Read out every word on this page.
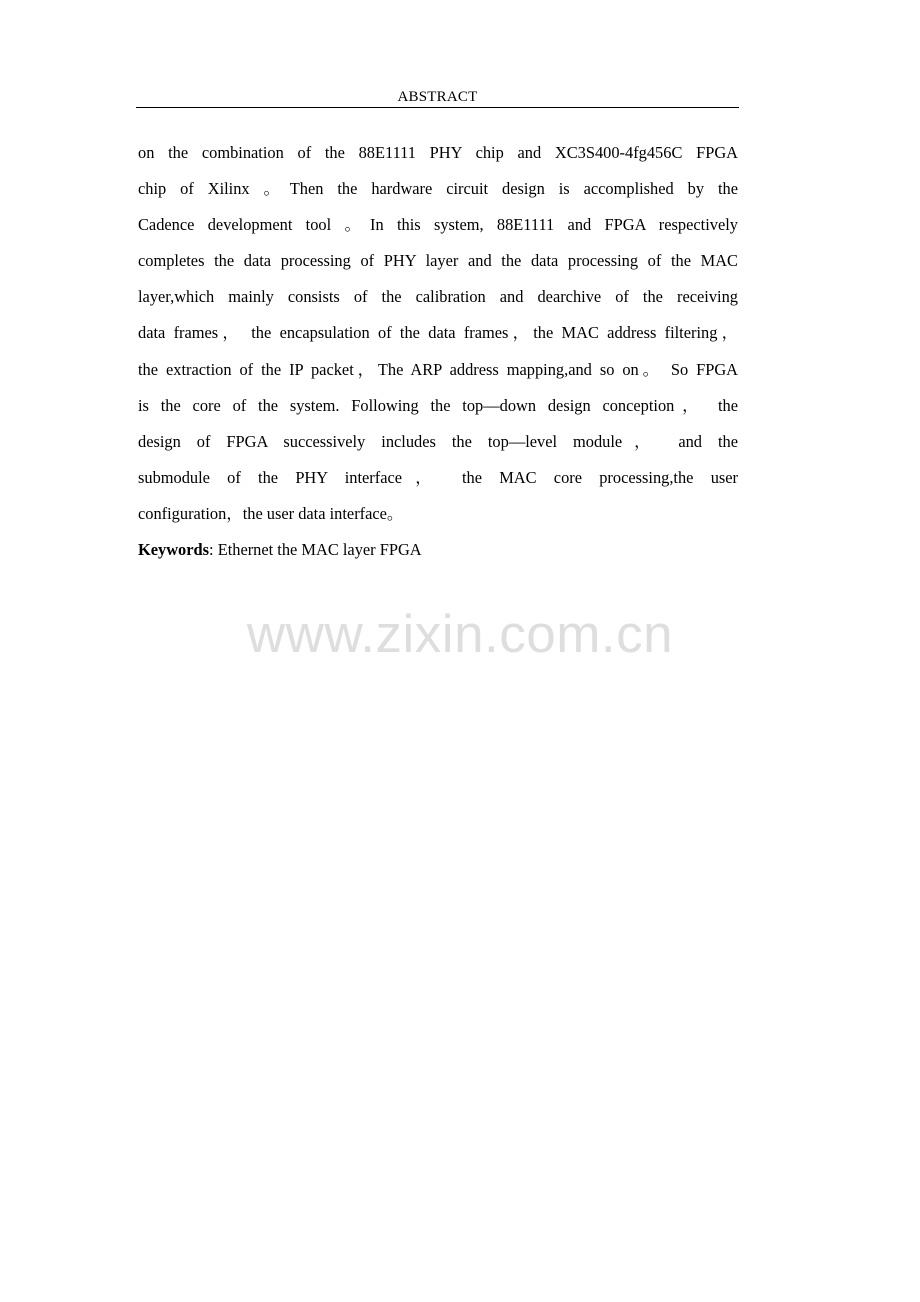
ABSTRACT
on the combination of the 88E1111 PHY chip and XC3S400-4fg456C FPGA
chip of Xilinx 。Then the hardware circuit design is accomplished by the
Cadence development tool 。In this system, 88E1111 and FPGA respectively
completes the data processing of PHY layer and the data processing of the MAC
layer,which mainly consists of the calibration and dearchive of the receiving
data frames， the encapsulation of the data frames，the MAC address filtering，
the extraction of the IP packet，The ARP address mapping,and so on。 So FPGA
is the core of the system. Following the top—down design conception， the
design of FPGA successively includes the top—level module， and the
submodule of the PHY interface， the MAC core processing,the user
configuration，the user data interface。
Keywords: Ethernet the MAC layer FPGA
www.zixin.com.cn
